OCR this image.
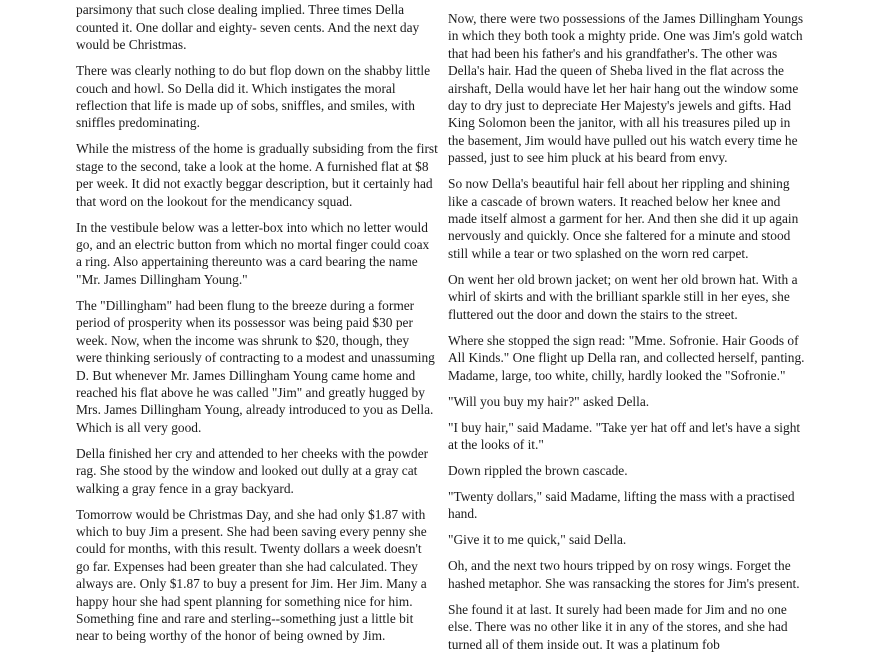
parsimony that such close dealing implied. Three times Della counted it. One dollar and eighty- seven cents. And the next day would be Christmas.

There was clearly nothing to do but flop down on the shabby little couch and howl. So Della did it. Which instigates the moral reflection that life is made up of sobs, sniffles, and smiles, with sniffles predominating.

While the mistress of the home is gradually subsiding from the first stage to the second, take a look at the home. A furnished flat at $8 per week. It did not exactly beggar description, but it certainly had that word on the lookout for the mendicancy squad.

In the vestibule below was a letter-box into which no letter would go, and an electric button from which no mortal finger could coax a ring. Also appertaining thereunto was a card bearing the name "Mr. James Dillingham Young."

The "Dillingham" had been flung to the breeze during a former period of prosperity when its possessor was being paid $30 per week. Now, when the income was shrunk to $20, though, they were thinking seriously of contracting to a modest and unassuming D. But whenever Mr. James Dillingham Young came home and reached his flat above he was called "Jim" and greatly hugged by Mrs. James Dillingham Young, already introduced to you as Della. Which is all very good.

Della finished her cry and attended to her cheeks with the powder rag. She stood by the window and looked out dully at a gray cat walking a gray fence in a gray backyard.

Tomorrow would be Christmas Day, and she had only $1.87 with which to buy Jim a present. She had been saving every penny she could for months, with this result. Twenty dollars a week doesn't go far. Expenses had been greater than she had calculated. They always are. Only $1.87 to buy a present for Jim. Her Jim. Many a happy hour she had spent planning for something nice for him. Something fine and rare and sterling--something just a little bit near to being worthy of the honor of being owned by Jim.

Now, there were two possessions of the James Dillingham Youngs in which they both took a mighty pride. One was Jim's gold watch that had been his father's and his grandfather's. The other was Della's hair. Had the queen of Sheba lived in the flat across the airshaft, Della would have let her hair hang out the window some day to dry just to depreciate Her Majesty's jewels and gifts. Had King Solomon been the janitor, with all his treasures piled up in the basement, Jim would have pulled out his watch every time he passed, just to see him pluck at his beard from envy.

So now Della's beautiful hair fell about her rippling and shining like a cascade of brown waters. It reached below her knee and made itself almost a garment for her. And then she did it up again nervously and quickly. Once she faltered for a minute and stood still while a tear or two splashed on the worn red carpet.

On went her old brown jacket; on went her old brown hat. With a whirl of skirts and with the brilliant sparkle still in her eyes, she fluttered out the door and down the stairs to the street.

Where she stopped the sign read: "Mme. Sofronie. Hair Goods of All Kinds." One flight up Della ran, and collected herself, panting. Madame, large, too white, chilly, hardly looked the "Sofronie."

"Will you buy my hair?" asked Della.

"I buy hair," said Madame. "Take yer hat off and let's have a sight at the looks of it."

Down rippled the brown cascade.

"Twenty dollars," said Madame, lifting the mass with a practised hand.

"Give it to me quick," said Della.

Oh, and the next two hours tripped by on rosy wings. Forget the hashed metaphor. She was ransacking the stores for Jim's present.

She found it at last. It surely had been made for Jim and no one else. There was no other like it in any of the stores, and she had turned all of them inside out. It was a platinum fob
